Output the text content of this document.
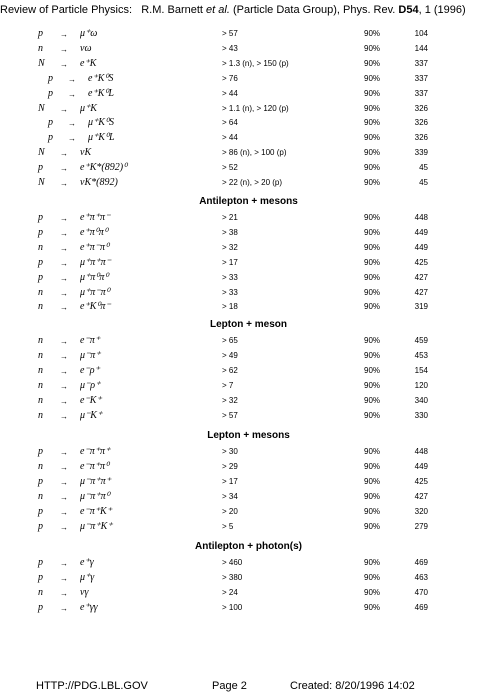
Review of Particle Physics: R.M. Barnett et al. (Particle Data Group), Phys. Rev. D54, 1 (1996)
p → μ⁺ω	> 57	90%	104
n → νω	> 43	90%	144
N → e⁺K	> 1.3 (n), > 150 (p)	90%	337
p → e⁺K⁰S	> 76	90%	337
p → e⁺K⁰L	> 44	90%	337
N → μ⁺K	> 1.1 (n), > 120 (p)	90%	326
p → μ⁺K⁰S	> 64	90%	326
p → μ⁺K⁰L	> 44	90%	326
N → νK	> 86 (n), > 100 (p)	90%	339
p → e⁺K*(892)⁰	> 52	90%	45
N → νK*(892)	> 22 (n), > 20 (p)	90%	45
Antilepton + mesons
p → e⁺π⁺π⁻	> 21	90%	448
p → e⁺π⁰π⁰	> 38	90%	449
n → e⁺π⁻π⁰	> 32	90%	449
p → μ⁺π⁺π⁻	> 17	90%	425
p → μ⁺π⁰π⁰	> 33	90%	427
n → μ⁺π⁻π⁰	> 33	90%	427
n → e⁺K⁰π⁻	> 18	90%	319
Lepton + meson
n → e⁻π⁺	> 65	90%	459
n → μ⁻π⁺	> 49	90%	453
n → e⁻ρ⁺	> 62	90%	154
n → μ⁻ρ⁺	> 7	90%	120
n → e⁻K⁺	> 32	90%	340
n → μ⁻K⁺	> 57	90%	330
Lepton + mesons
p → e⁻π⁺π⁺	> 30	90%	448
n → e⁻π⁺π⁰	> 29	90%	449
p → μ⁻π⁺π⁺	> 17	90%	425
n → μ⁻π⁺π⁰	> 34	90%	427
p → e⁻π⁺K⁺	> 20	90%	320
p → μ⁻π⁺K⁺	> 5	90%	279
Antilepton + photon(s)
p → e⁺γ	> 460	90%	469
p → μ⁺γ	> 380	90%	463
n → νγ	> 24	90%	470
p → e⁺γγ	> 100	90%	469
HTTP://PDG.LBL.GOV	Page 2	Created: 8/20/1996 14:02
